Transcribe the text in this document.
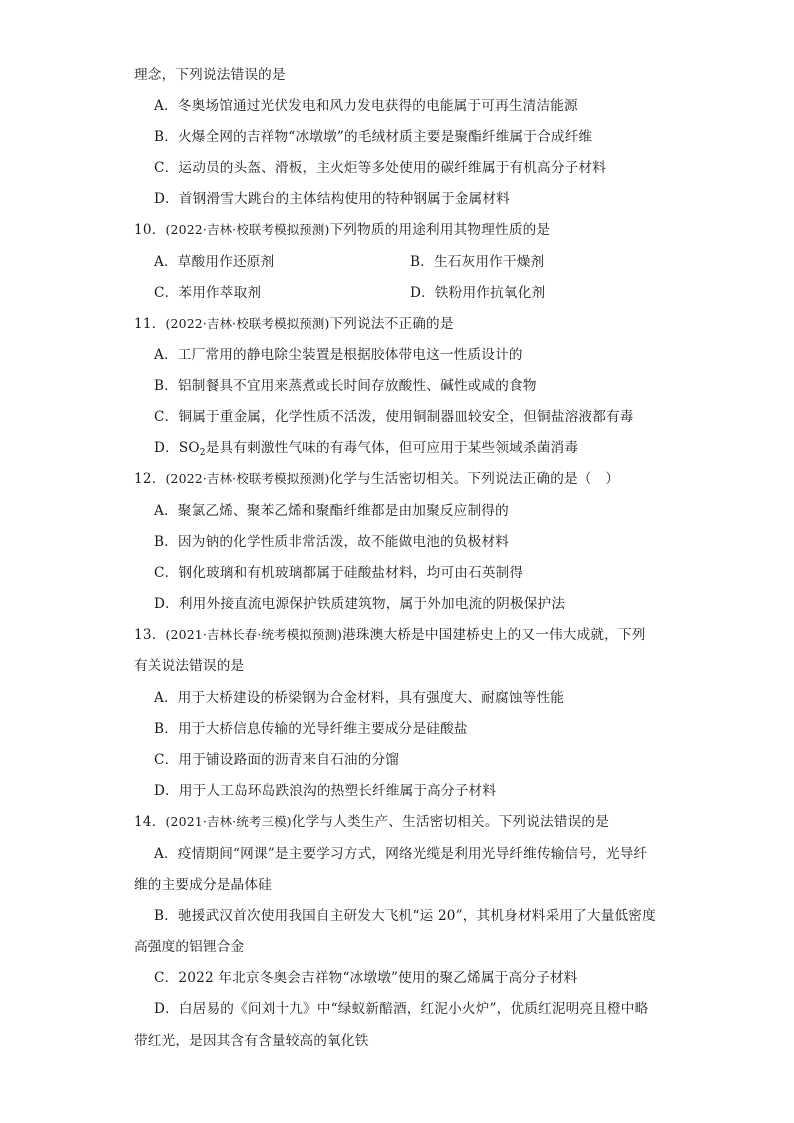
理念，下列说法错误的是
A．冬奥场馆通过光伏发电和风力发电获得的电能属于可再生清洁能源
B．火爆全网的吉祥物“冰墩墩”的毛绒材质主要是聚酯纤维属于合成纤维
C．运动员的头盔、滑板，主火炬等多处使用的碳纤维属于有机高分子材料
D．首钢滑雪大跳台的主体结构使用的特种钢属于金属材料
10．(2022·吉林·校联考模拟预测)下列物质的用途利用其物理性质的是
A．草酸用作还原剂	B．生石灰用作干燥剂
C．苯用作萃取剂	D．铁粉用作抗氧化剂
11．(2022·吉林·校联考模拟预测)下列说法不正确的是
A．工厂常用的静电除尘装置是根据胶体带电这一性质设计的
B．铝制餐具不宜用来蒸煮或长时间存放酸性、碱性或咸的食物
C．铜属于重金属，化学性质不活泼，使用铜制器皿较安全，但铜盐溶液都有毒
D．$SO_2$是具有刺激性气味的有毒气体，但可应用于某些领域杀菌消毒
12．(2022·吉林·校联考模拟预测)化学与生活密切相关。下列说法正确的是（　）
A．聚氯乙烯、聚苯乙烯和聚酯纤维都是由加聚反应制得的
B．因为钠的化学性质非常活泼，故不能做电池的负极材料
C．钢化玻璃和有机玻璃都属于硅酸盐材料，均可由石英制得
D．利用外接直流电源保护铁质建筑物，属于外加电流的阴极保护法
13．(2021·吉林长春·统考模拟预测)港珠澳大桥是中国建桥史上的又一伟大成就，下列
有关说法错误的是
A．用于大桥建设的桥梁钢为合金材料，具有强度大、耐腐蚀等性能
B．用于大桥信息传输的光导纤维主要成分是硅酸盐
C．用于铺设路面的沥青来自石油的分馏
D．用于人工岛环岛跌浪沟的热塑长纤维属于高分子材料
14．(2021·吉林·统考三模)化学与人类生产、生活密切相关。下列说法错误的是
A．疫情期间“网课”是主要学习方式，网络光缆是利用光导纤维传输信号，光导纤
维的主要成分是晶体硅
B．驰援武汉首次使用我国自主研发大飞机“运 20”，其机身材料采用了大量低密度
高强度的铝锂合金
C．2022 年北京冬奥会吉祥物“冰墩墩”使用的聚乙烯属于高分子材料
D．白居易的《问刘十九》中“绿蚁新醅酒，红泥小火炉”，优质红泥明亮且橙中略
带红光，是因其含有含量较高的氧化铁
